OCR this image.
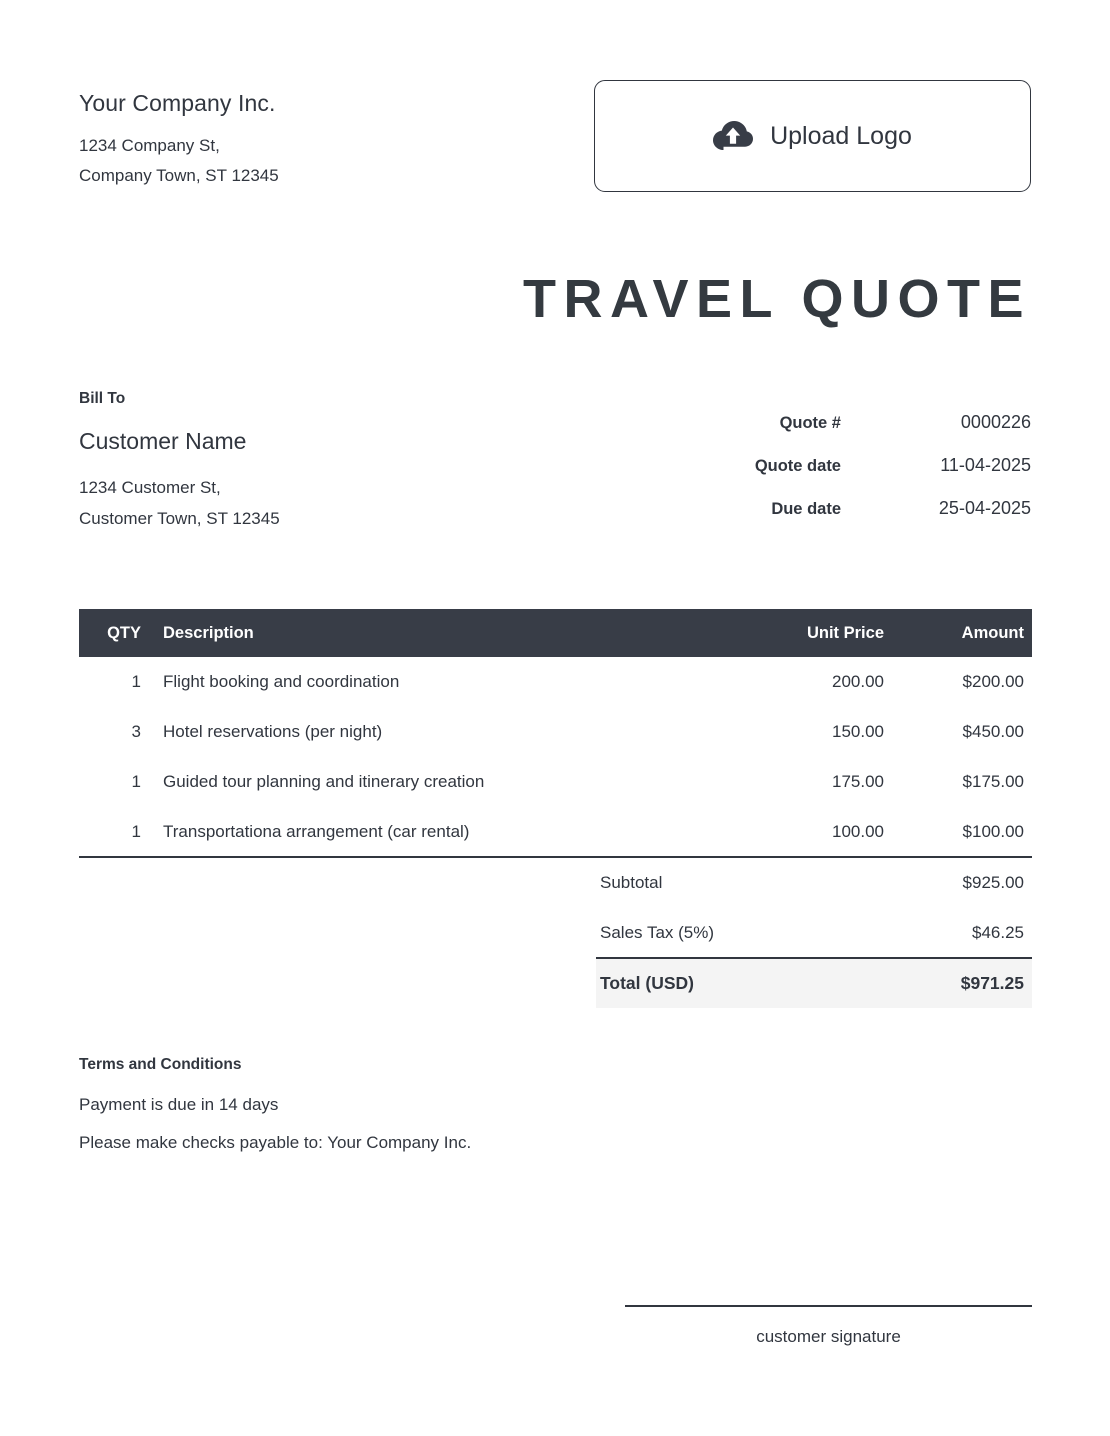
Your Company Inc.
1234 Company St,
Company Town, ST 12345
Upload Logo
TRAVEL QUOTE
Bill To
Customer Name
1234 Customer St,
Customer Town, ST 12345
Quote #	0000226
Quote date	11-04-2025
Due date	25-04-2025
QTY	Description	Unit Price	Amount
1	Flight booking and coordination	200.00	$200.00
3	Hotel reservations (per night)	150.00	$450.00
1	Guided tour planning and itinerary creation	175.00	$175.00
1	Transportationa arrangement (car rental)	100.00	$100.00
Subtotal	$925.00
Sales Tax (5%)	$46.25
Total (USD)	$971.25
Terms and Conditions
Payment is due in 14 days
Please make checks payable to: Your Company Inc.
customer signature
